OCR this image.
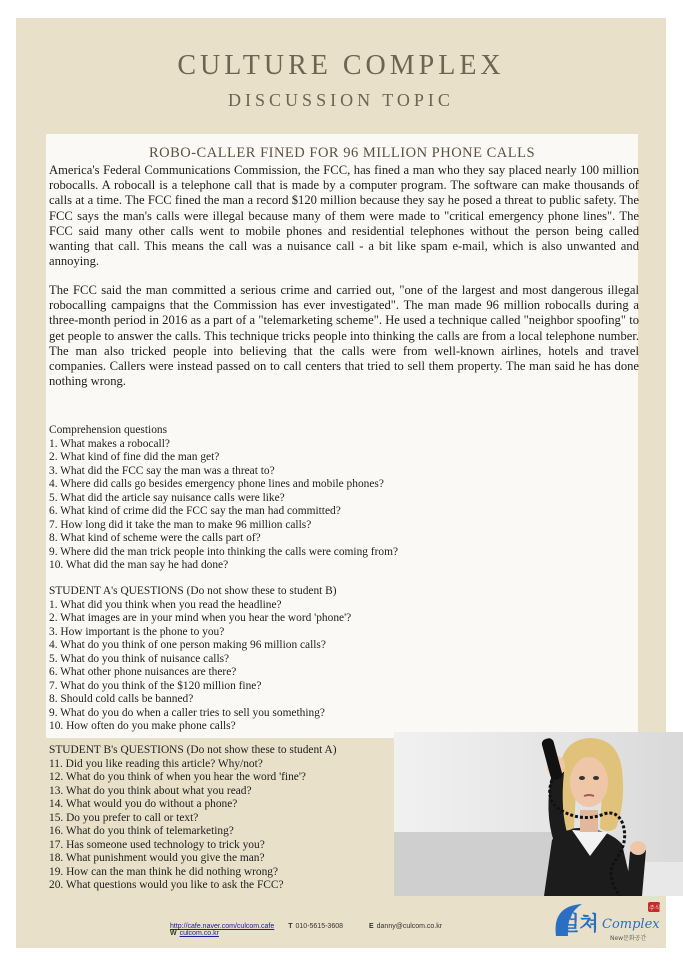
CULTURE COMPLEX
DISCUSSION TOPIC
ROBO-CALLER FINED FOR 96 MILLION PHONE CALLS

America's Federal Communications Commission, the FCC, has fined a man who they say placed nearly 100 million robocalls. A robocall is a telephone call that is made by a computer program. The software can make thousands of calls at a time. The FCC fined the man a record $120 million because they say he posed a threat to public safety. The FCC says the man's calls were illegal because many of them were made to "critical emergency phone lines". The FCC said many other calls went to mobile phones and residential telephones without the person being called wanting that call. This means the call was a nuisance call - a bit like spam e-mail, which is also unwanted and annoying.

The FCC said the man committed a serious crime and carried out, "one of the largest and most dangerous illegal robocalling campaigns that the Commission has ever investigated". The man made 96 million robocalls during a three-month period in 2016 as a part of a "telemarketing scheme". He used a technique called "neighbor spoofing" to get people to answer the calls. This technique tricks people into thinking the calls are from a local telephone number. The man also tricked people into believing that the calls were from well-known airlines, hotels and travel companies. Callers were instead passed on to call centers that tried to sell them property. The man said he has done nothing wrong.

Comprehension questions
1. What makes a robocall?
2. What kind of fine did the man get?
3. What did the FCC say the man was a threat to?
4. Where did calls go besides emergency phone lines and mobile phones?
5. What did the article say nuisance calls were like?
6. What kind of crime did the FCC say the man had committed?
7. How long did it take the man to make 96 million calls?
8. What kind of scheme were the calls part of?
9. Where did the man trick people into thinking the calls were coming from?
10. What did the man say he had done?
STUDENT A's QUESTIONS (Do not show these to student B)
1. What did you think when you read the headline?
2. What images are in your mind when you hear the word 'phone'?
3. How important is the phone to you?
4. What do you think of one person making 96 million calls?
5. What do you think of nuisance calls?
6. What other phone nuisances are there?
7. What do you think of the $120 million fine?
8. Should cold calls be banned?
9. What do you do when a caller tries to sell you something?
10. How often do you make phone calls?
STUDENT B's QUESTIONS (Do not show these to student A)
11. Did you like reading this article? Why/not?
12. What do you think of when you hear the word 'fine'?
13. What do you think about what you read?
14. What would you do without a phone?
15. Do you prefer to call or text?
16. What do you think of telemarketing?
17. Has someone used technology to trick you?
18. What punishment would you give the man?
19. How can the man think he did nothing wrong?
20. What questions would you like to ask the FCC?
http://cafe.naver.com/culcom.cafe T 010-5615-3608	E danny@culcom.co.kr W culcom.co.kr	컬쳐 Complex
주식
New문화공간
